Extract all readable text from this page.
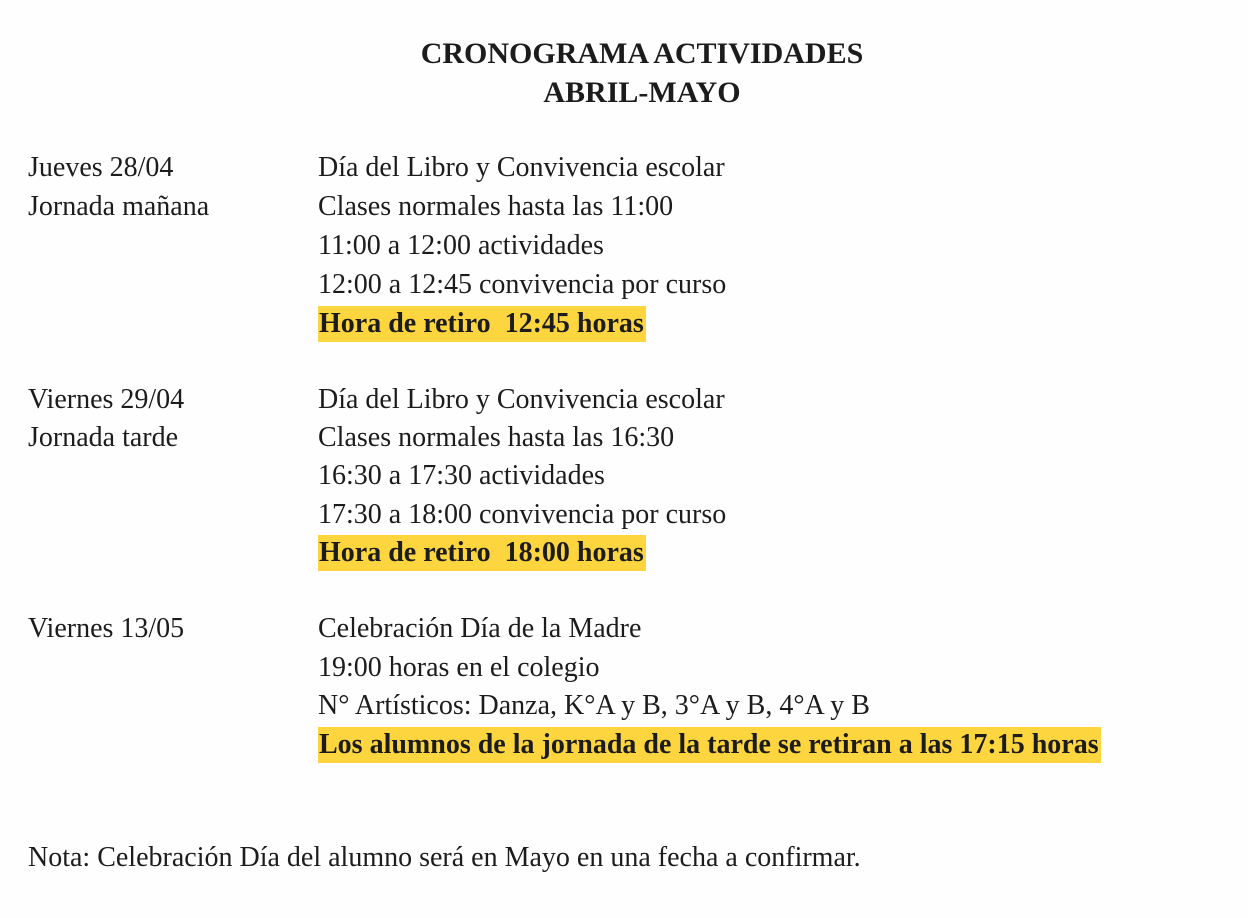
CRONOGRAMA ACTIVIDADES
ABRIL-MAYO
Jueves 28/04
Jornada mañana
Día del Libro y Convivencia escolar
Clases normales hasta las 11:00
11:00 a 12:00 actividades
12:00 a 12:45 convivencia por curso
Hora de retiro  12:45 horas
Viernes 29/04
Jornada tarde
Día del Libro y Convivencia escolar
Clases normales hasta las 16:30
16:30 a 17:30 actividades
17:30 a 18:00 convivencia por curso
Hora de retiro  18:00 horas
Viernes 13/05	Celebración Día de la Madre
19:00 horas en el colegio
N° Artísticos: Danza, K°A y B, 3°A y B, 4°A y B
Los alumnos de la jornada de la tarde se retiran a las 17:15 horas
Nota: Celebración Día del alumno será en Mayo en una fecha a confirmar.
